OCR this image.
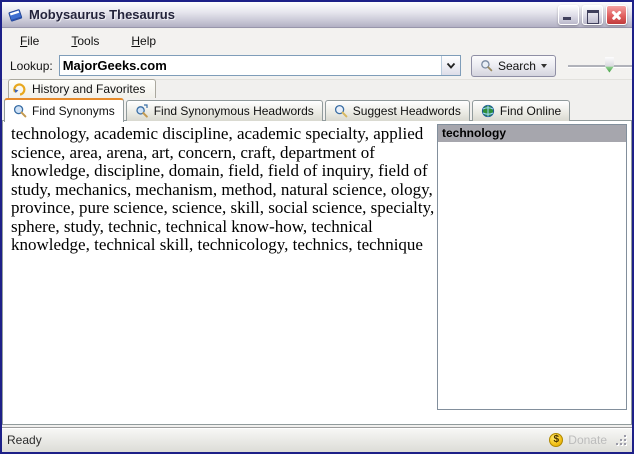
Mobysaurus Thesaurus
File	Tools	Help
Lookup:
MajorGeeks.com	Search
History and Favorites
Find Synonyms	Find Synonymous Headwords	Suggest Headwords	Find Online
technology, academic discipline, academic specialty, applied science, area, arena, art, concern, craft, department of knowledge, discipline, domain, field, field of inquiry, field of study, mechanics, mechanism, method, natural science, ology, province, pure science, science, skill, social science, specialty, sphere, study, technic, technical know-how, technical knowledge, technical skill, technicology, technics, technique
technology
Ready	$ Donate
